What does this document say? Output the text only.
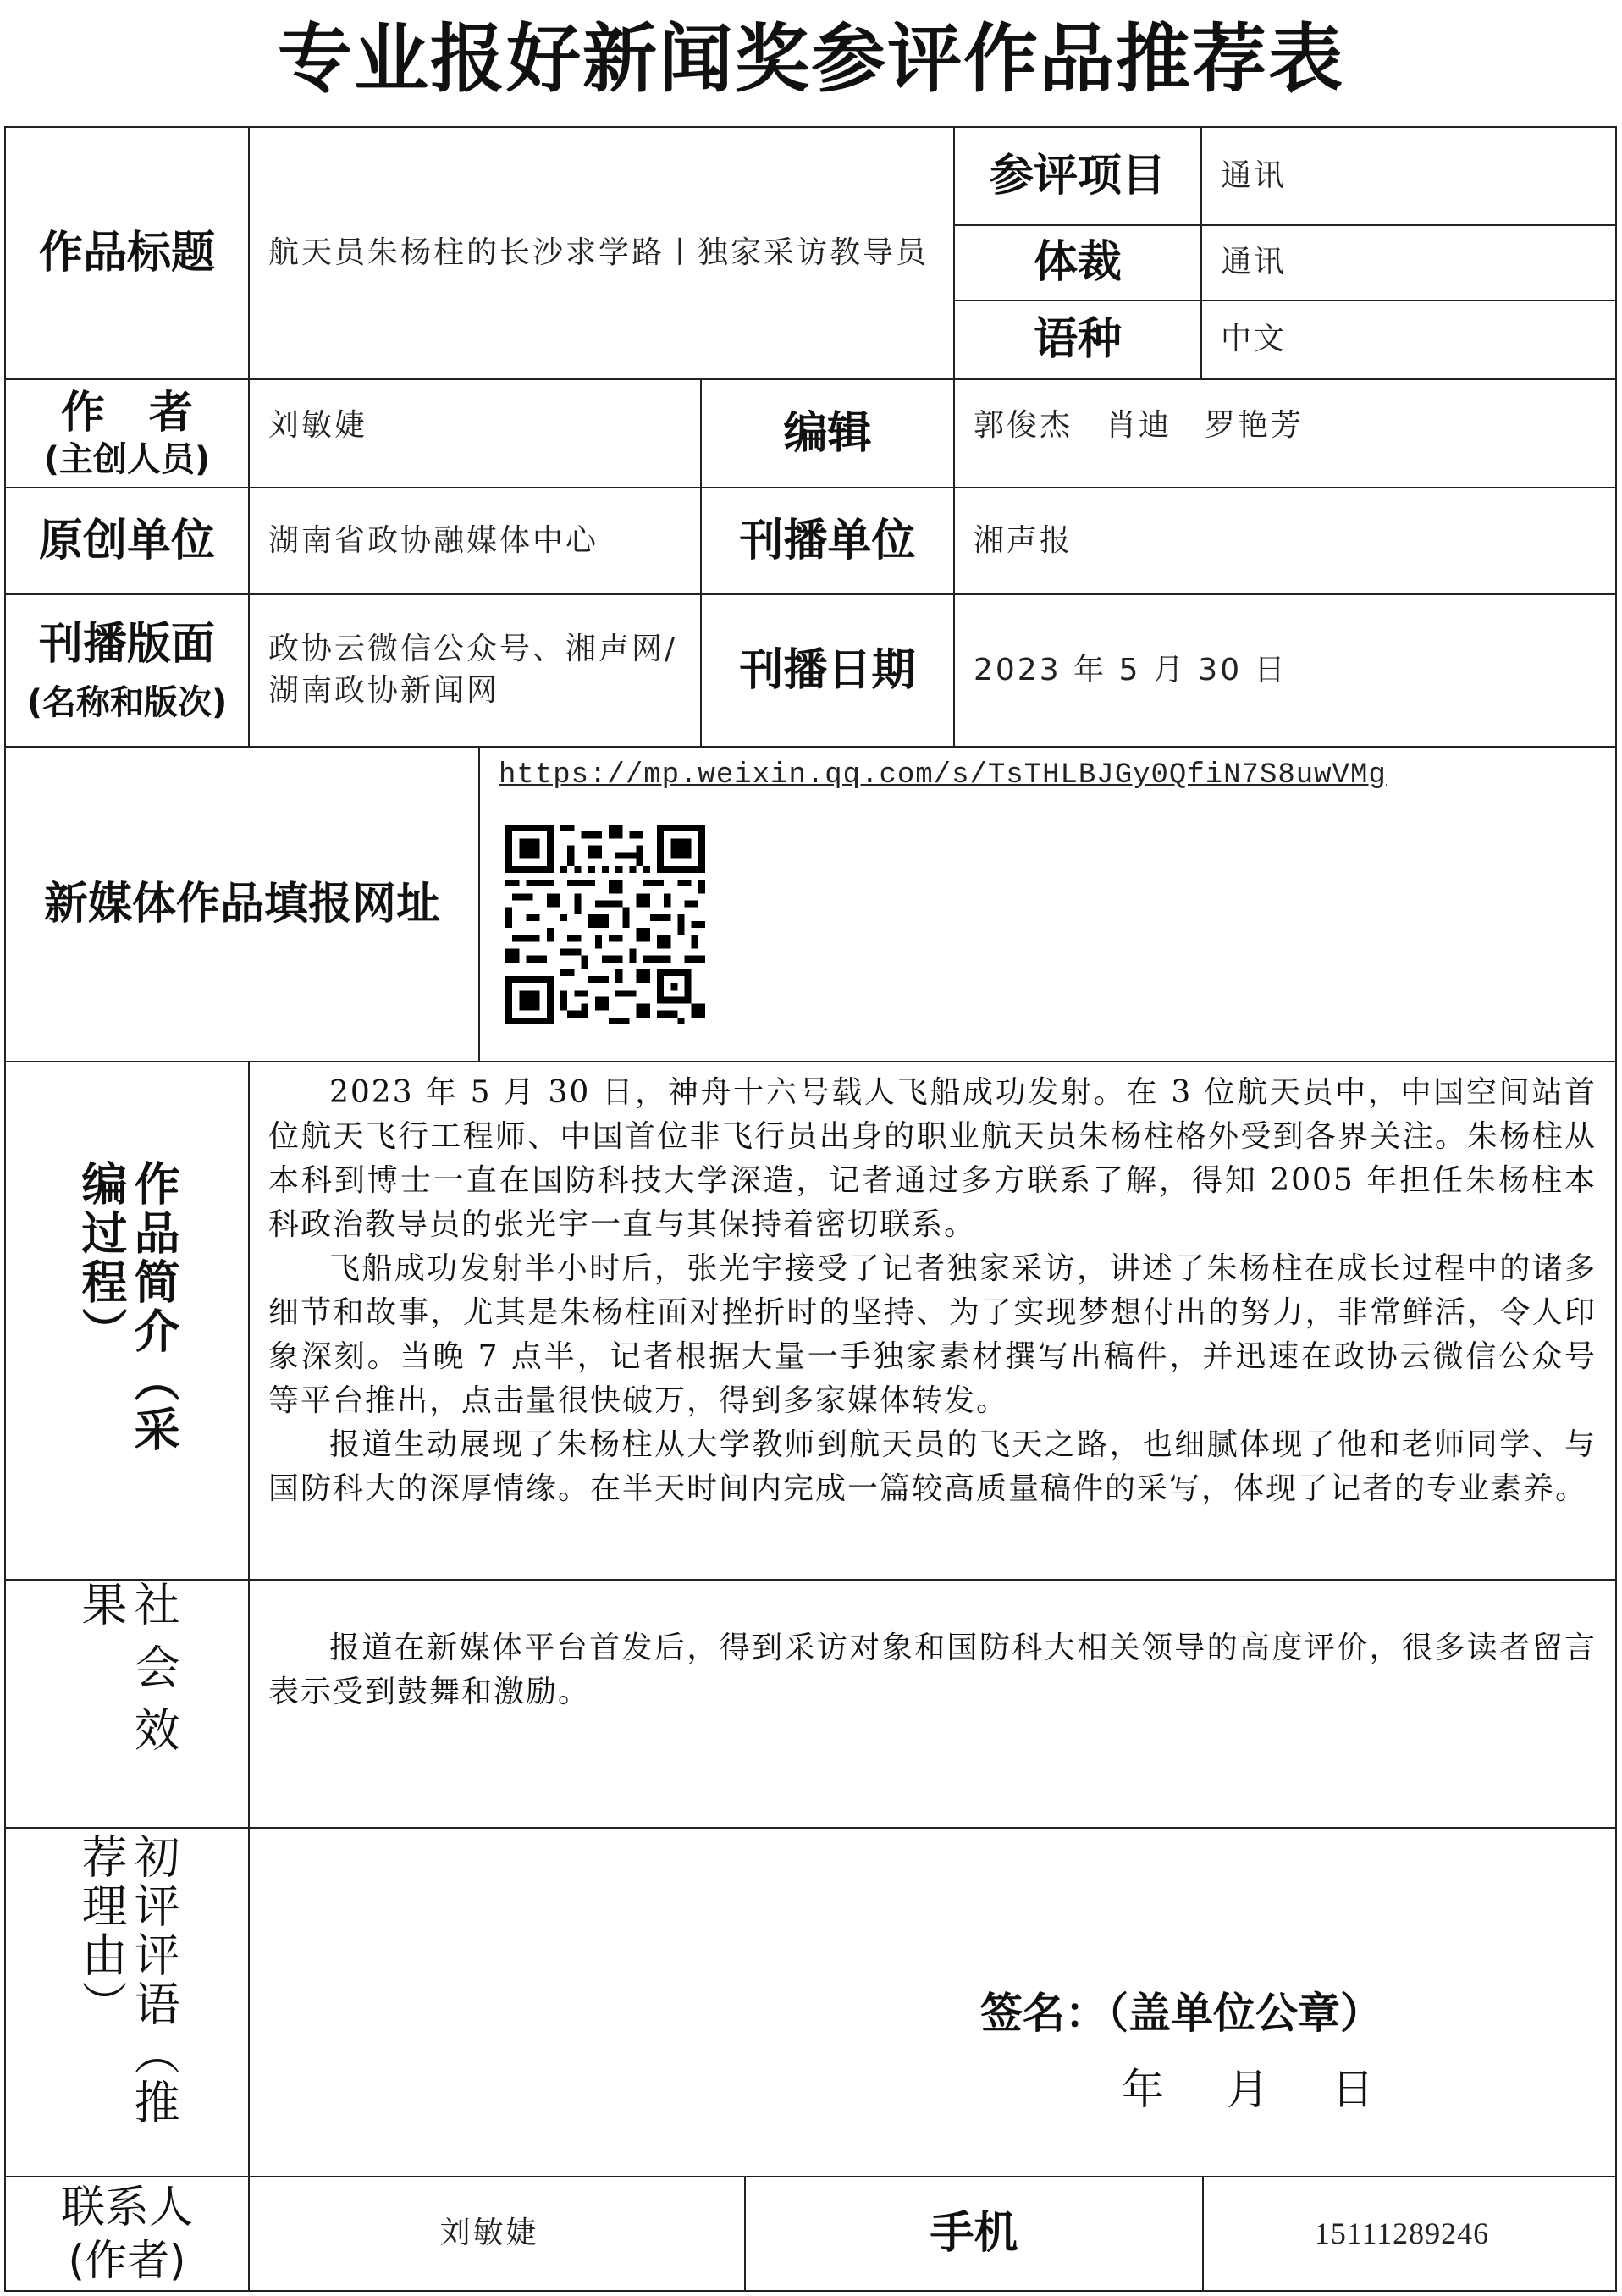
专业报好新闻奖参评作品推荐表
作品标题 航天员朱杨柱的长沙求学路丨独家采访教导员
参评项目 通讯
体裁	通讯
语种	中文
作　者
(主创人员)
刘敏婕	编辑	郭俊杰　肖迪　罗艳芳
原创单位 湖南省政协融媒体中心	刊播单位 湘声报
刊播版面
(名称和版次)
政协云微信公众号、湘声网/湖南政协新闻网	刊播日期 2023 年 5 月 30 日
新媒体作品填报网址
https://mp.weixin.qq.com/s/TsTHLBJGy0QfiN7S8uwVMg
作品简介（采编过程）

2023 年 5 月 30 日，神舟十六号载人飞船成功发射。在 3 位航天员中，中国空间站首位航天飞行工程师、中国首位非飞行员出身的职业航天员朱杨柱格外受到各界关注。朱杨柱从本科到博士一直在国防科技大学深造，记者通过多方联系了解，得知 2005 年担任朱杨柱本科政治教导员的张光宇一直与其保持着密切联系。

飞船成功发射半小时后，张光宇接受了记者独家采访，讲述了朱杨柱在成长过程中的诸多细节和故事，尤其是朱杨柱面对挫折时的坚持、为了实现梦想付出的努力，非常鲜活，令人印象深刻。当晚 7 点半，记者根据大量一手独家素材撰写出稿件，并迅速在政协云微信公众号等平台推出，点击量很快破万，得到多家媒体转发。

报道生动展现了朱杨柱从大学教师到航天员的飞天之路，也细腻体现了他和老师同学、与国防科大的深厚情缘。在半天时间内完成一篇较高质量稿件的采写，体现了记者的专业素养。

社会效果

报道在新媒体平台首发后，得到采访对象和国防科大相关领导的高度评价，很多读者留言表示受到鼓舞和激励。

初评评语（推荐理由）	签名：（盖单位公章）
年　月　日
联系人
(作者)
刘敏婕	手机	15111289246
